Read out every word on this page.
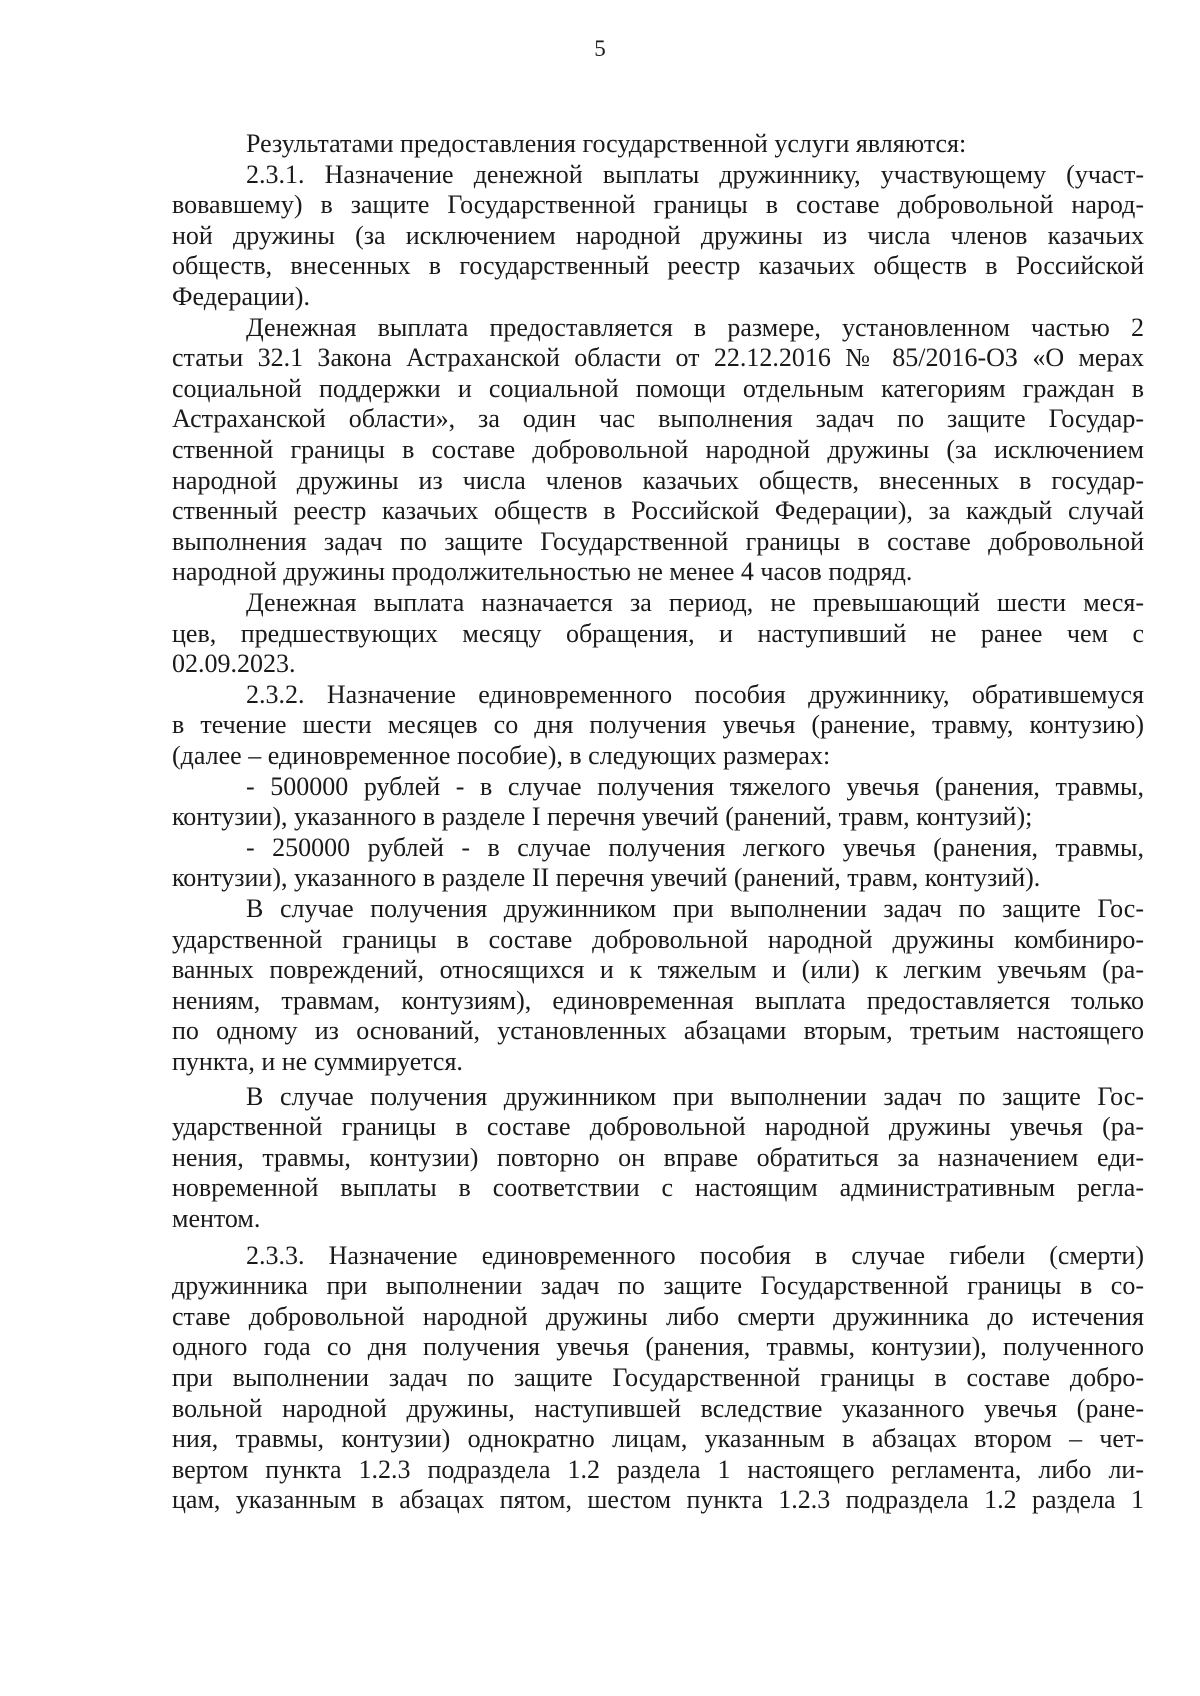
5
Результатами предоставления государственной услуги являются:
2.3.1. Назначение денежной выплаты дружиннику, участвующему (участ-
вовавшему) в защите Государственной границы в составе добровольной народ-
ной дружины (за исключением народной дружины из числа членов казачьих
обществ, внесенных в государственный реестр казачьих обществ в Российской
Федерации).
Денежная выплата предоставляется в размере, установленном частью 2
статьи 32.1 Закона Астраханской области от 22.12.2016 № 85/2016-ОЗ «О мерах
социальной поддержки и социальной помощи отдельным категориям граждан в
Астраханской области», за один час выполнения задач по защите Государ-
ственной границы в составе добровольной народной дружины (за исключением
народной дружины из числа членов казачьих обществ, внесенных в государ-
ственный реестр казачьих обществ в Российской Федерации), за каждый случай
выполнения задач по защите Государственной границы в составе добровольной
народной дружины продолжительностью не менее 4 часов подряд.
Денежная выплата назначается за период, не превышающий шести меся-
цев, предшествующих месяцу обращения, и наступивший не ранее чем с
02.09.2023.
2.3.2. Назначение единовременного пособия дружиннику, обратившемуся
в течение шести месяцев со дня получения увечья (ранение, травму, контузию)
(далее – единовременное пособие), в следующих размерах:
- 500000 рублей - в случае получения тяжелого увечья (ранения, травмы,
контузии), указанного в разделе I перечня увечий (ранений, травм, контузий);
- 250000 рублей - в случае получения легкого увечья (ранения, травмы,
контузии), указанного в разделе II перечня увечий (ранений, травм, контузий).
В случае получения дружинником при выполнении задач по защите Гос-
ударственной границы в составе добровольной народной дружины комбиниро-
ванных повреждений, относящихся и к тяжелым и (или) к легким увечьям (ра-
нениям, травмам, контузиям), единовременная выплата предоставляется только
по одному из оснований, установленных абзацами вторым, третьим настоящего
пункта, и не суммируется.
В случае получения дружинником при выполнении задач по защите Гос-
ударственной границы в составе добровольной народной дружины увечья (ра-
нения, травмы, контузии) повторно он вправе обратиться за назначением еди-
новременной выплаты в соответствии с настоящим административным регла-
ментом.
2.3.3. Назначение единовременного пособия в случае гибели (смерти)
дружинника при выполнении задач по защите Государственной границы в со-
ставе добровольной народной дружины либо смерти дружинника до истечения
одного года со дня получения увечья (ранения, травмы, контузии), полученного
при выполнении задач по защите Государственной границы в составе добро-
вольной народной дружины, наступившей вследствие указанного увечья (ране-
ния, травмы, контузии) однократно лицам, указанным в абзацах втором – чет-
вертом пункта 1.2.3 подраздела 1.2 раздела 1 настоящего регламента, либо ли-
цам, указанным в абзацах пятом, шестом пункта 1.2.3 подраздела 1.2 раздела 1
